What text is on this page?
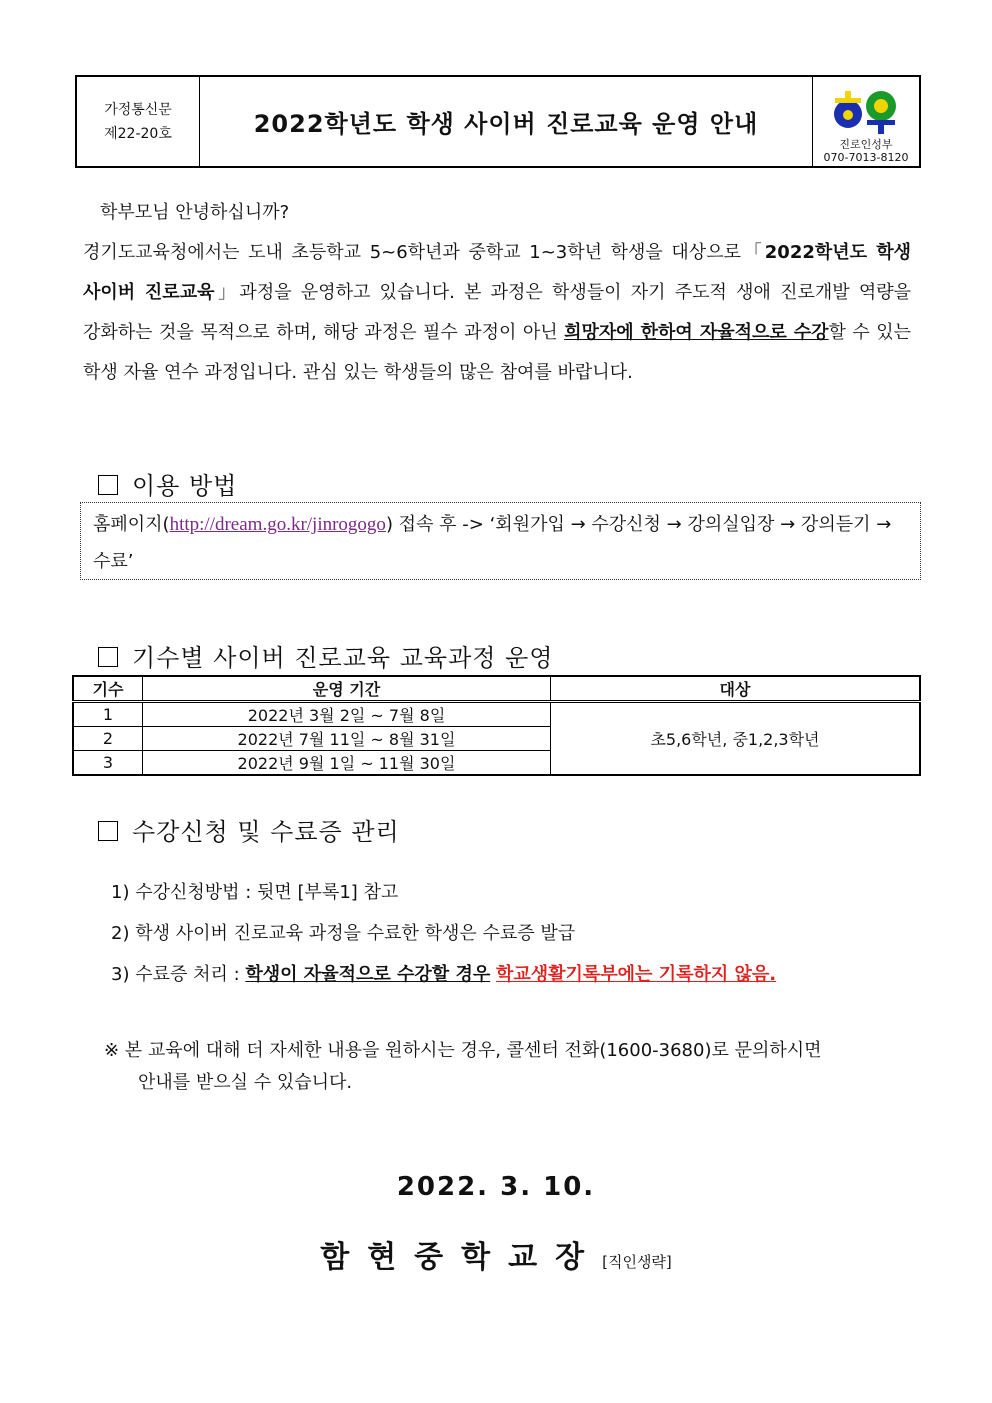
가정통신문
제22-20호	2022학년도 학생 사이버 진로교육 운영 안내
진로인성부
070-7013-8120
학부모님 안녕하십니까?
경기도교육청에서는 도내 초등학교 5~6학년과 중학교 1~3학년 학생을 대상으로「2022학년도 학생 사이버 진로교육」과정을 운영하고 있습니다. 본 과정은 학생들이 자기 주도적 생애 진로개발 역량을 강화하는 것을 목적으로 하며, 해당 과정은 필수 과정이 아닌 희망자에 한하여 자율적으로 수강할 수 있는 학생 자율 연수 과정입니다. 관심 있는 학생들의 많은 참여를 바랍니다.
이용 방법
홈페이지(http://dream.go.kr/jinrogogo) 접속 후 -> ‘회원가입 → 수강신청 → 강의실입장 → 강의듣기 → 수료’
기수별 사이버 진로교육 교육과정 운영
기수	운영 기간	대상
1	2022년 3월 2일 ~ 7월 8일	초5,6학년, 중1,2,3학년
2	2022년 7월 11일 ~ 8월 31일	
3	2022년 9월 1일 ~ 11월 30일	
수강신청 및 수료증 관리
1) 수강신청방법 : 뒷면 [부록1] 참고
2) 학생 사이버 진로교육 과정을 수료한 학생은 수료증 발급
3) 수료증 처리 : 학생이 자율적으로 수강할 경우 학교생활기록부에는 기록하지 않음.
※ 본 교육에 대해 더 자세한 내용을 원하시는 경우, 콜센터 전화(1600-3680)로 문의하시면
안내를 받으실 수 있습니다.
2022. 3. 10.
함현중학교장[직인생략]
